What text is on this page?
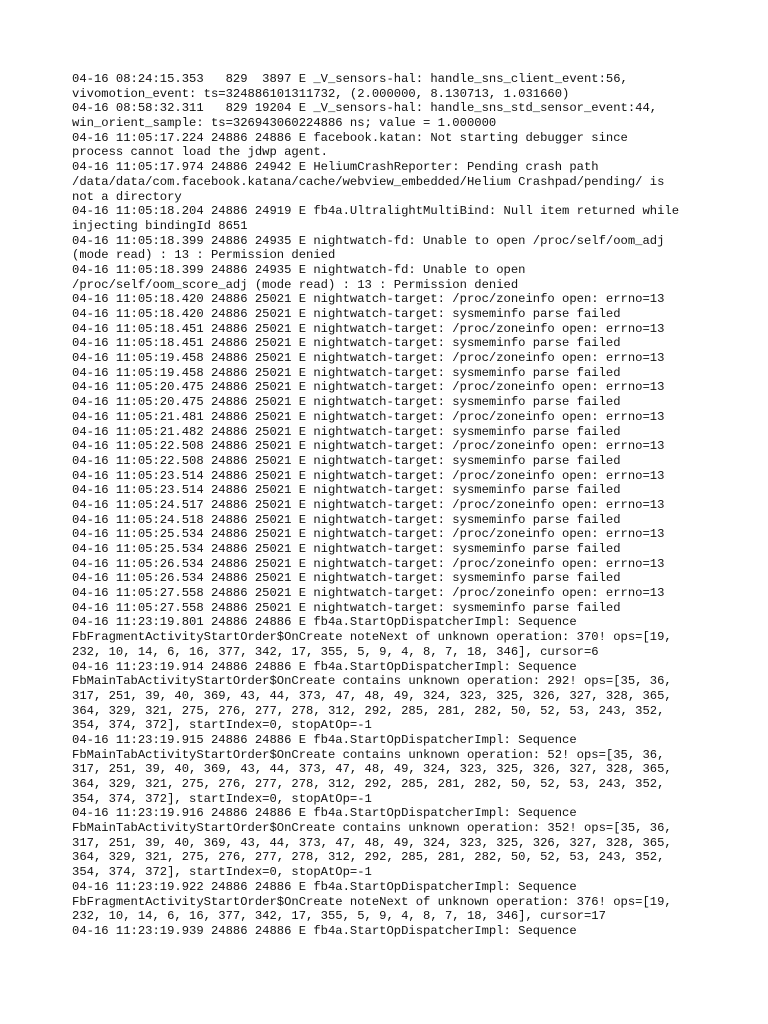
04-16 08:24:15.353   829  3897 E _V_sensors-hal: handle_sns_client_event:56,
vivomotion_event: ts=324886101311732, (2.000000, 8.130713, 1.031660)
04-16 08:58:32.311   829 19204 E _V_sensors-hal: handle_sns_std_sensor_event:44,
win_orient_sample: ts=326943060224886 ns; value = 1.000000
04-16 11:05:17.224 24886 24886 E facebook.katan: Not starting debugger since
process cannot load the jdwp agent.
04-16 11:05:17.974 24886 24942 E HeliumCrashReporter: Pending crash path
/data/data/com.facebook.katana/cache/webview_embedded/Helium Crashpad/pending/ is
not a directory
04-16 11:05:18.204 24886 24919 E fb4a.UltralightMultiBind: Null item returned while
injecting bindingId 8651
04-16 11:05:18.399 24886 24935 E nightwatch-fd: Unable to open /proc/self/oom_adj
(mode read) : 13 : Permission denied
04-16 11:05:18.399 24886 24935 E nightwatch-fd: Unable to open
/proc/self/oom_score_adj (mode read) : 13 : Permission denied
04-16 11:05:18.420 24886 25021 E nightwatch-target: /proc/zoneinfo open: errno=13
04-16 11:05:18.420 24886 25021 E nightwatch-target: sysmeminfo parse failed
04-16 11:05:18.451 24886 25021 E nightwatch-target: /proc/zoneinfo open: errno=13
04-16 11:05:18.451 24886 25021 E nightwatch-target: sysmeminfo parse failed
04-16 11:05:19.458 24886 25021 E nightwatch-target: /proc/zoneinfo open: errno=13
04-16 11:05:19.458 24886 25021 E nightwatch-target: sysmeminfo parse failed
04-16 11:05:20.475 24886 25021 E nightwatch-target: /proc/zoneinfo open: errno=13
04-16 11:05:20.475 24886 25021 E nightwatch-target: sysmeminfo parse failed
04-16 11:05:21.481 24886 25021 E nightwatch-target: /proc/zoneinfo open: errno=13
04-16 11:05:21.482 24886 25021 E nightwatch-target: sysmeminfo parse failed
04-16 11:05:22.508 24886 25021 E nightwatch-target: /proc/zoneinfo open: errno=13
04-16 11:05:22.508 24886 25021 E nightwatch-target: sysmeminfo parse failed
04-16 11:05:23.514 24886 25021 E nightwatch-target: /proc/zoneinfo open: errno=13
04-16 11:05:23.514 24886 25021 E nightwatch-target: sysmeminfo parse failed
04-16 11:05:24.517 24886 25021 E nightwatch-target: /proc/zoneinfo open: errno=13
04-16 11:05:24.518 24886 25021 E nightwatch-target: sysmeminfo parse failed
04-16 11:05:25.534 24886 25021 E nightwatch-target: /proc/zoneinfo open: errno=13
04-16 11:05:25.534 24886 25021 E nightwatch-target: sysmeminfo parse failed
04-16 11:05:26.534 24886 25021 E nightwatch-target: /proc/zoneinfo open: errno=13
04-16 11:05:26.534 24886 25021 E nightwatch-target: sysmeminfo parse failed
04-16 11:05:27.558 24886 25021 E nightwatch-target: /proc/zoneinfo open: errno=13
04-16 11:05:27.558 24886 25021 E nightwatch-target: sysmeminfo parse failed
04-16 11:23:19.801 24886 24886 E fb4a.StartOpDispatcherImpl: Sequence
FbFragmentActivityStartOrder$OnCreate noteNext of unknown operation: 370! ops=[19,
232, 10, 14, 6, 16, 377, 342, 17, 355, 5, 9, 4, 8, 7, 18, 346], cursor=6
04-16 11:23:19.914 24886 24886 E fb4a.StartOpDispatcherImpl: Sequence
FbMainTabActivityStartOrder$OnCreate contains unknown operation: 292! ops=[35, 36,
317, 251, 39, 40, 369, 43, 44, 373, 47, 48, 49, 324, 323, 325, 326, 327, 328, 365,
364, 329, 321, 275, 276, 277, 278, 312, 292, 285, 281, 282, 50, 52, 53, 243, 352,
354, 374, 372], startIndex=0, stopAtOp=-1
04-16 11:23:19.915 24886 24886 E fb4a.StartOpDispatcherImpl: Sequence
FbMainTabActivityStartOrder$OnCreate contains unknown operation: 52! ops=[35, 36,
317, 251, 39, 40, 369, 43, 44, 373, 47, 48, 49, 324, 323, 325, 326, 327, 328, 365,
364, 329, 321, 275, 276, 277, 278, 312, 292, 285, 281, 282, 50, 52, 53, 243, 352,
354, 374, 372], startIndex=0, stopAtOp=-1
04-16 11:23:19.916 24886 24886 E fb4a.StartOpDispatcherImpl: Sequence
FbMainTabActivityStartOrder$OnCreate contains unknown operation: 352! ops=[35, 36,
317, 251, 39, 40, 369, 43, 44, 373, 47, 48, 49, 324, 323, 325, 326, 327, 328, 365,
364, 329, 321, 275, 276, 277, 278, 312, 292, 285, 281, 282, 50, 52, 53, 243, 352,
354, 374, 372], startIndex=0, stopAtOp=-1
04-16 11:23:19.922 24886 24886 E fb4a.StartOpDispatcherImpl: Sequence
FbFragmentActivityStartOrder$OnCreate noteNext of unknown operation: 376! ops=[19,
232, 10, 14, 6, 16, 377, 342, 17, 355, 5, 9, 4, 8, 7, 18, 346], cursor=17
04-16 11:23:19.939 24886 24886 E fb4a.StartOpDispatcherImpl: Sequence
